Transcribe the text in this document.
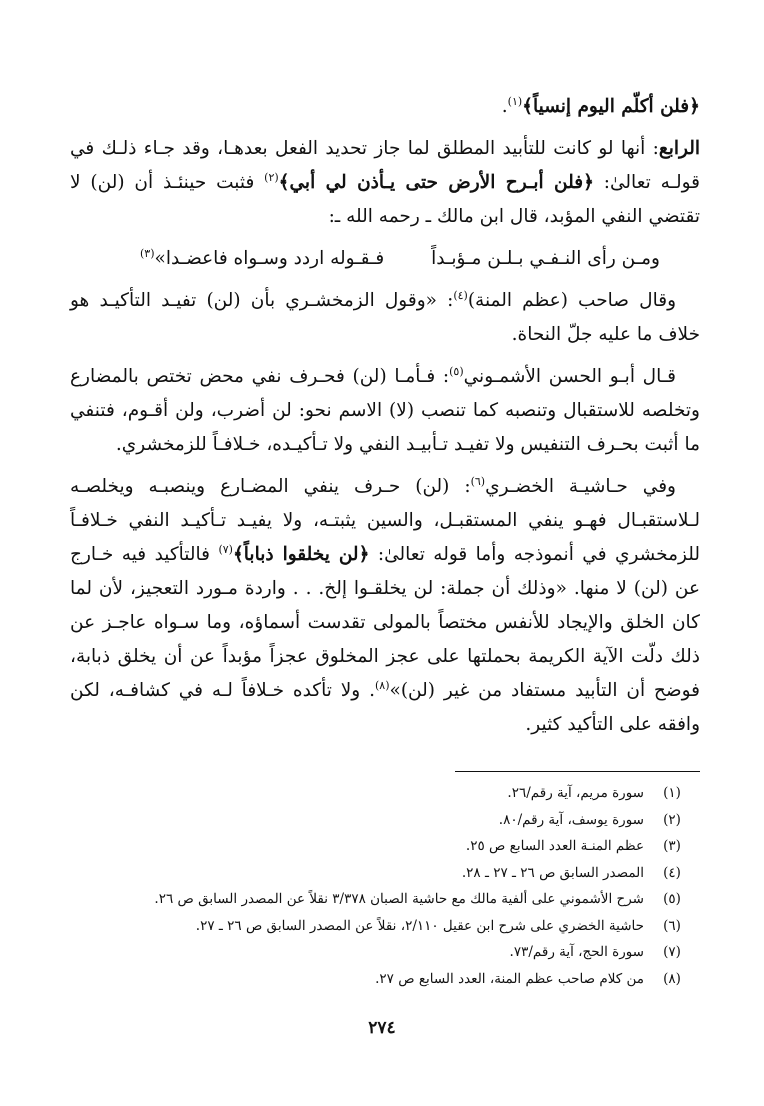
﴿فلن أكلّم اليوم إنسياً﴾$^{(١)}$.

الرابع: أنها لو كانت للتأبيد المطلق لما جاز تحديد الفعل بعدهـا، وقد جـاء ذلـك في قولـه تعالىٰ: ﴿فلن أبـرح الأرض حتى يـأذن لي أبي﴾$^{(٢)}$ فثبت حينئـذ أن (لن) لا تقتضي النفي المؤبد، قال ابن مالك ـ رحمه الله ـ:

ومـن رأى النـفـي بـلـن مـؤبـداً
فـقـوله اردد وسـواه فاعضـدا»$^{(٣)}$

وقال صاحب (عظم المنة)$^{(٤)}$: «وقول الزمخشـري بأن (لن) تفيـد التأكيـد هو خلاف ما عليه جلّ النحاة.

قـال أبـو الحسن الأشمـوني$^{(٥)}$: فـأمـا (لن) فحـرف نفي محض تختص بالمضارع وتخلصه للاستقبال وتنصبه كما تنصب (لا) الاسم نحو: لن أضرب، ولن أقـوم، فتنفي ما أثبت بحـرف التنفيس ولا تفيـد تـأبيـد النفي ولا تـأكيـده، خـلافـاً للزمخشري.

وفي حـاشيـة الخضـري$^{(٦)}$: (لن) حـرف ينفي المضـارع وينصبـه ويخلصـه لـلاستقبـال فهـو ينفي المستقبـل، والسين يثبتـه، ولا يفيـد تـأكيـد النفي خـلافـاً للزمخشري في أنموذجه وأما قوله تعالىٰ: ﴿لن يخلقوا ذباباً﴾$^{(٧)}$ فالتأكيد فيه خـارج عن (لن) لا منها. «وذلك أن جملة: لن يخلقـوا إلخ. . . واردة مـورد التعجيز، لأن لما كان الخلق والإيجاد للأنفس مختصاً بالمولى تقدست أسماؤه، وما سـواه عاجـز عن ذلك دلّت الآية الكريمة بحملتها على عجز المخلوق عجزاً مؤبداً عن أن يخلق ذبابة، فوضح أن التأبيد مستفاد من غير (لن)»$^{(٨)}$. ولا تأكده خـلافاً لـه في كشافـه، لكن وافقه على التأكيد كثير.

(١)
سورة مريم، آية رقم/٢٦.
(٢)
سورة يوسف، آية رقم/٨٠.
(٣)
عظم المنـة العدد السابع ص ٢٥.
(٤)
المصدر السابق ص ٢٦ ـ ٢٧ ـ ٢٨.
(٥)
شرح الأشموني على ألفية مالك مع حاشية الصبان ٣/٣٧٨ نقلاً عن المصدر السابق ص ٢٦.
(٦)
حاشية الخضري على شرح ابن عقيل ٢/١١٠، نقلاً عن المصدر السابق ص ٢٦ ـ ٢٧.
(٧)
سورة الحج، آية رقم/٧٣.
(٨)
من كلام صاحب عظم المنة، العدد السابع ص ٢٧.
٢٧٤
